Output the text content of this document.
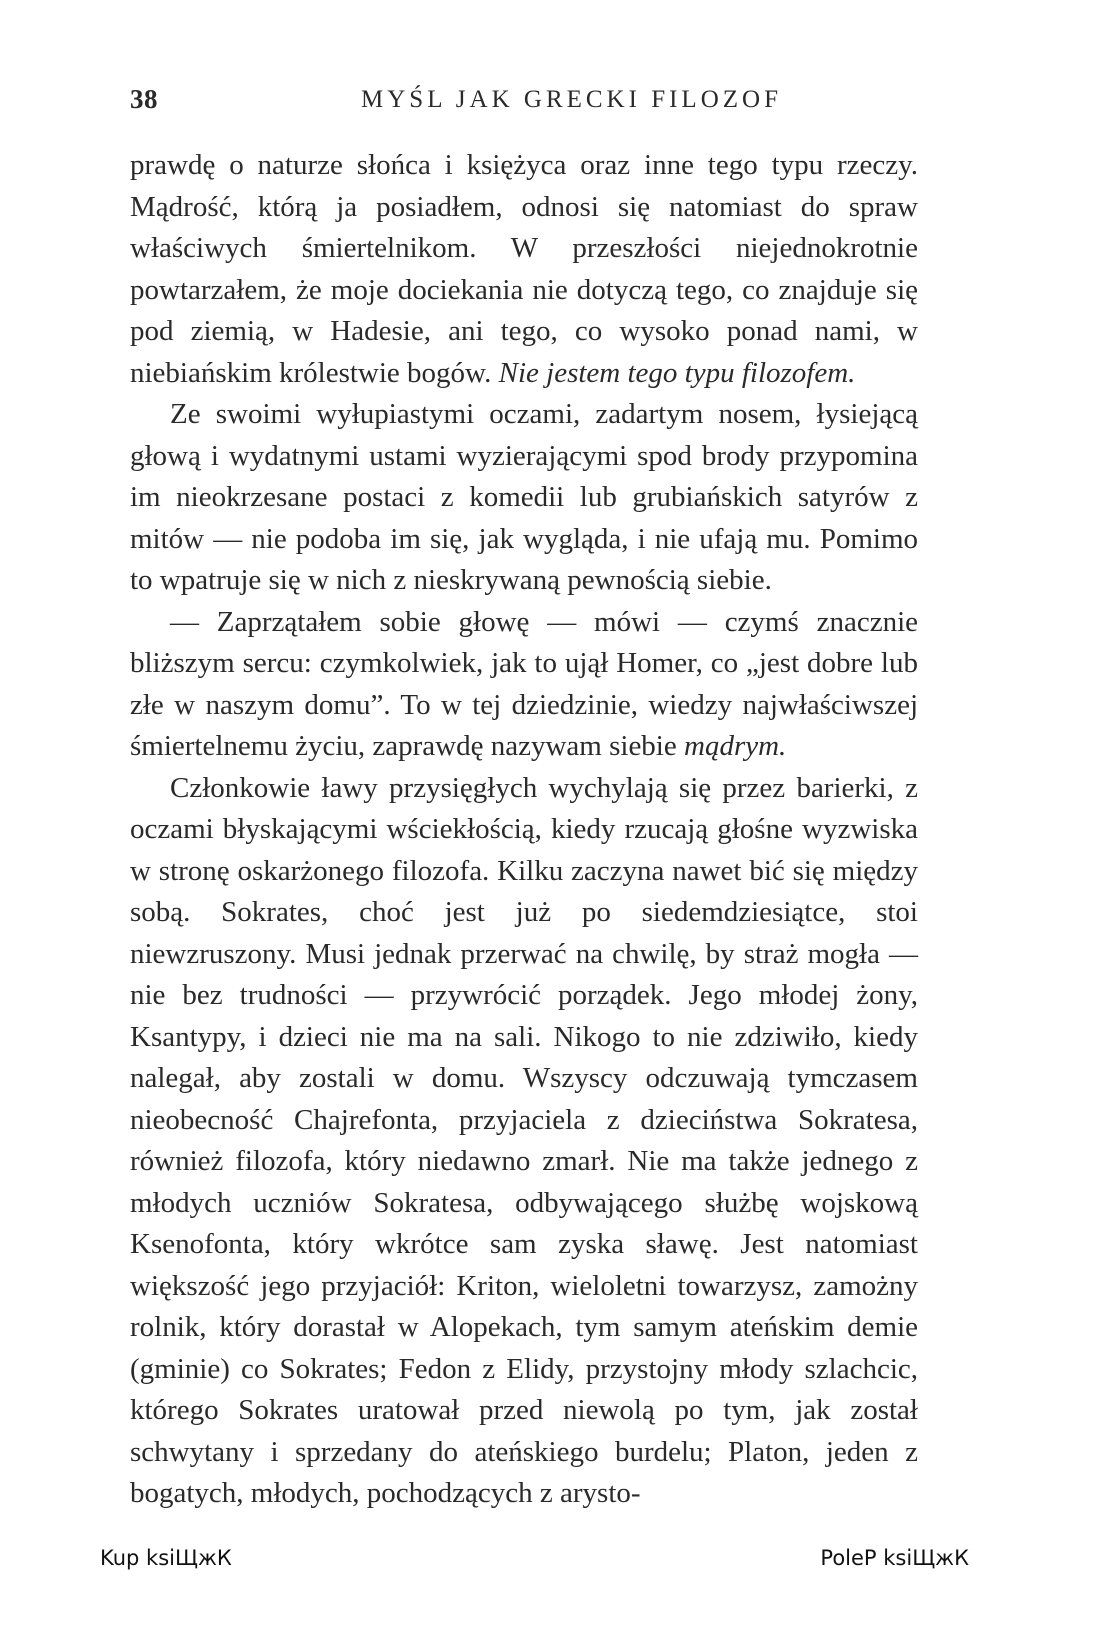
38	MYŚL JAK GRECKI FILOZOF

prawdę o naturze słońca i księżyca oraz inne tego typu rzeczy. Mądrość, którą ja posiadłem, odnosi się natomiast do spraw właściwych śmiertelnikom. W przeszłości niejednokrotnie powtarzałem, że moje dociekania nie dotyczą tego, co znajduje się pod ziemią, w Hadesie, ani tego, co wysoko ponad nami, w niebiańskim królestwie bogów. Nie jestem tego typu filozofem.

Ze swoimi wyłupiastymi oczami, zadartym nosem, łysiejącą głową i wydatnymi ustami wyzierającymi spod brody przypomina im nieokrzesane postaci z komedii lub grubiańskich satyrów z mitów — nie podoba im się, jak wygląda, i nie ufają mu. Pomimo to wpatruje się w nich z nieskrywaną pewnością siebie.

— Zaprzątałem sobie głowę — mówi — czymś znacznie bliższym sercu: czymkolwiek, jak to ujął Homer, co „jest dobre lub złe w naszym domu”. To w tej dziedzinie, wiedzy najwłaściwszej śmiertelnemu życiu, zaprawdę nazywam siebie mądrym.

Członkowie ławy przysięgłych wychylają się przez barierki, z oczami błyskającymi wściekłością, kiedy rzucają głośne wyzwiska w stronę oskarżonego filozofa. Kilku zaczyna nawet bić się między sobą. Sokrates, choć jest już po siedemdziesiątce, stoi niewzruszony. Musi jednak przerwać na chwilę, by straż mogła — nie bez trudności — przywrócić porządek. Jego młodej żony, Ksantypy, i dzieci nie ma na sali. Nikogo to nie zdziwiło, kiedy nalegał, aby zostali w domu. Wszyscy odczuwają tymczasem nieobecność Chajrefonta, przyjaciela z dzieciństwa Sokratesa, również filozofa, który niedawno zmarł. Nie ma także jednego z młodych uczniów Sokratesa, odbywającego służbę wojskową Ksenofonta, który wkrótce sam zyska sławę. Jest natomiast większość jego przyjaciół: Kriton, wieloletni towarzysz, zamożny rolnik, który dorastał w Alopekach, tym samym ateńskim demie (gminie) co Sokrates; Fedon z Elidy, przystojny młody szlachcic, którego Sokrates uratował przed niewolą po tym, jak został schwytany i sprzedany do ateńskiego burdelu; Platon, jeden z bogatych, młodych, pochodzących z arysto-

Kup ksiЩжК	PoleР ksiЩжК
